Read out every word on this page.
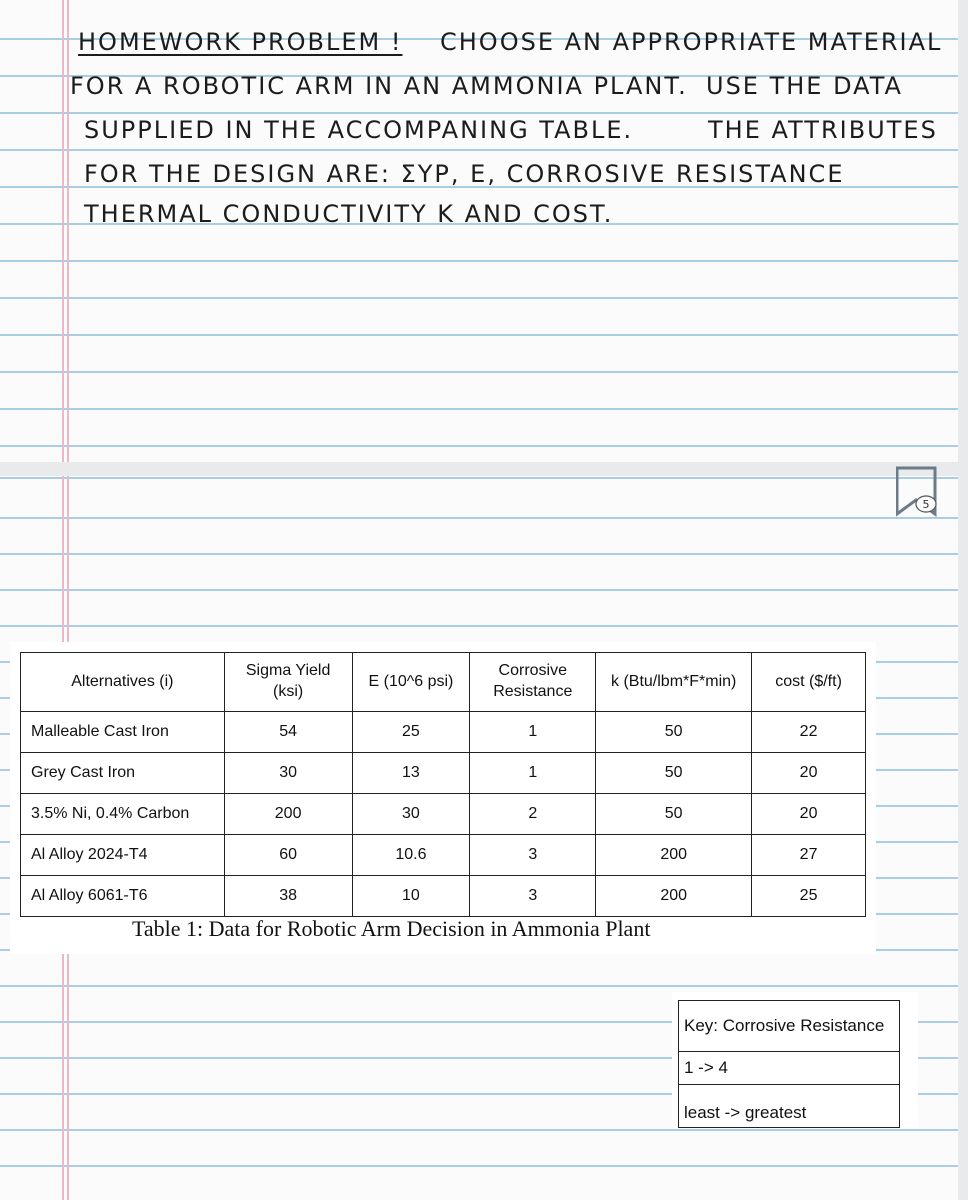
HOMEWORK PROBLEM ! CHOOSE AN APPROPRIATE MATERIAL
FOR A ROBOTIC ARM IN AN AMMONIA PLANT. USE THE DATA
SUPPLIED IN THE ACCOMPANING TABLE.	THE ATTRIBUTES
FOR THE DESIGN ARE: ΣYP, E, CORROSIVE RESISTANCE
THERMAL CONDUCTIVITY K AND COST.
5
Alternatives (i)	Sigma Yield (ksi)	E (10^6 psi)	Corrosive Resistance	k (Btu/lbm*F*min)	cost ($/ft)
Malleable Cast Iron	54	25	1	50	22
Grey Cast Iron	30	13	1	50	20
3.5% Ni, 0.4% Carbon	200	30	2	50	20
Al Alloy 2024-T4	60	10.6	3	200	27
Al Alloy 6061-T6	38	10	3	200	25
Table 1: Data for Robotic Arm Decision in Ammonia Plant
Key: Corrosive Resistance
1 -> 4
least -> greatest
